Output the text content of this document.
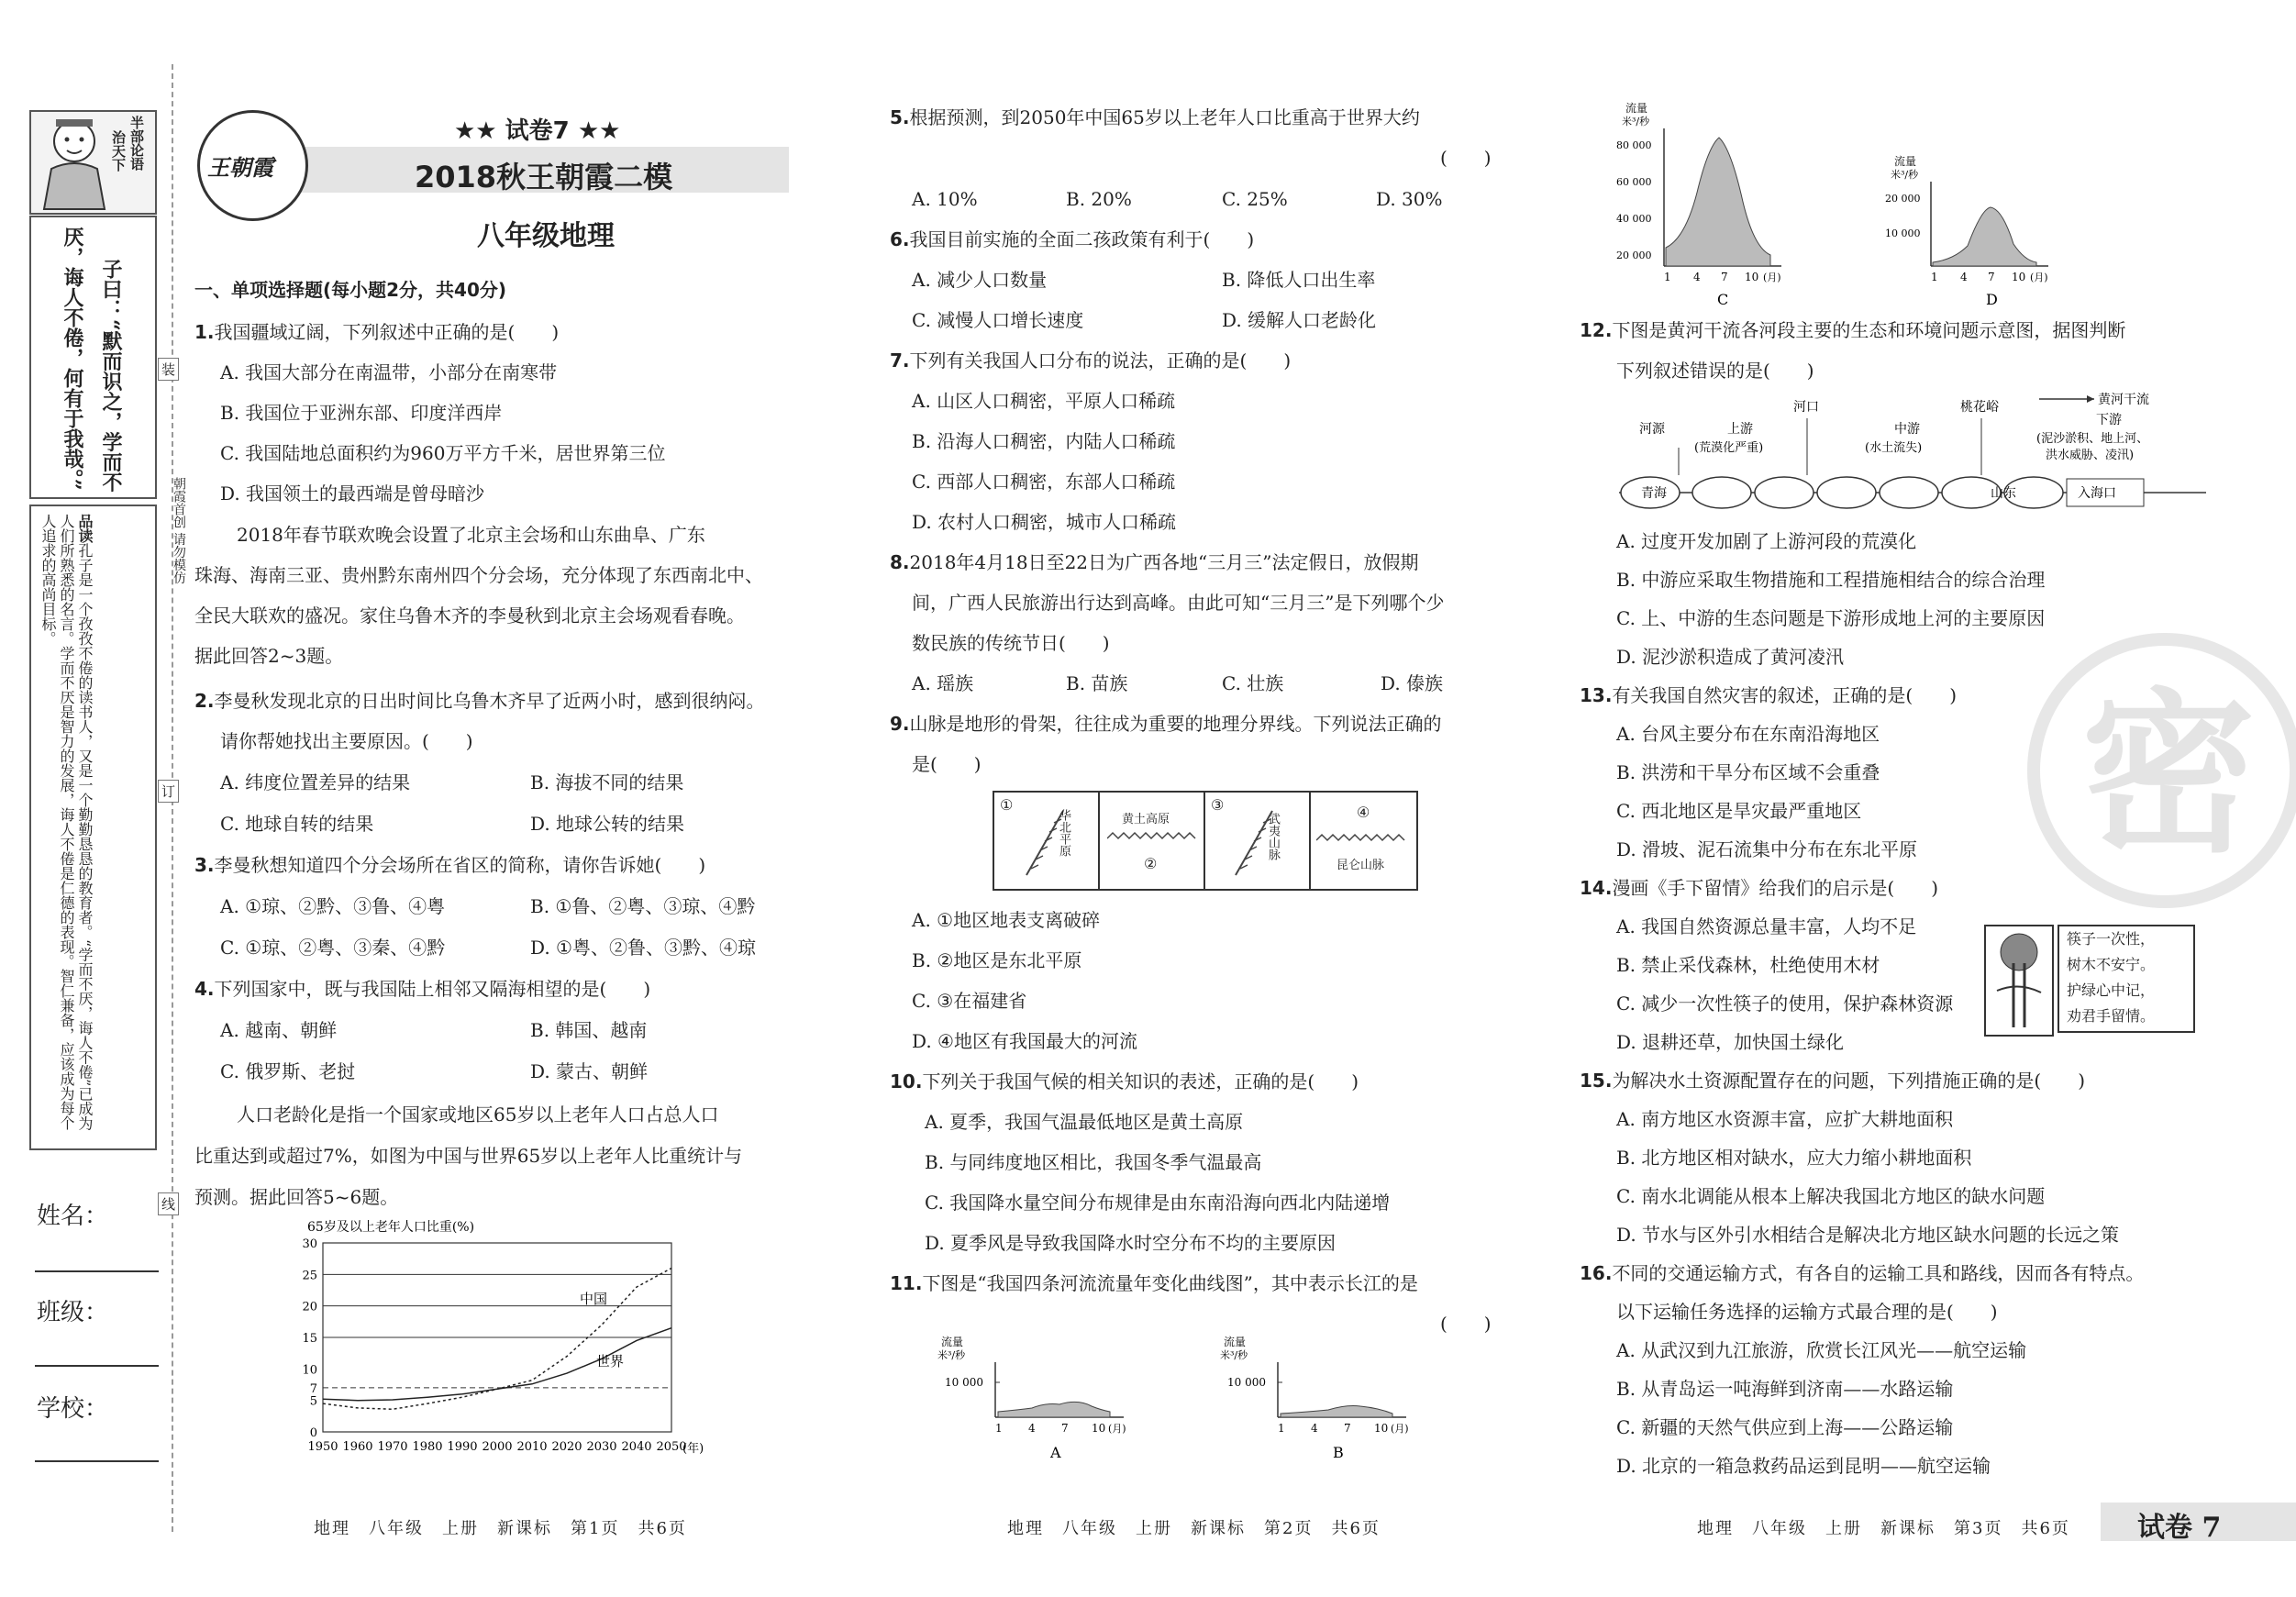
半部论语
治天下
子曰：“默而识之，学而不
厌，诲人不倦，何有于我哉。”
品读孔子是一个孜孜不倦的读书人，又是一个勤勤恳恳的教育者。“学而不厌，诲人不倦”已成为人们所熟悉的名言。学而不厌是智力的发展，诲人不倦是仁德的表现。智仁兼备，应该成为每个人追求的高尚目标。	朝霞首创 请勿模仿
装
订
线
姓名：
班级：
学校：
王朝霞
★★ 试卷7 ★★
2018秋王朝霞二模
八年级地理
一、单项选择题(每小题2分，共40分)
1.我国疆域辽阔，下列叙述中正确的是(　　)
A. 我国大部分在南温带，小部分在南寒带
B. 我国位于亚洲东部、印度洋西岸
C. 我国陆地总面积约为960万平方千米，居世界第三位
D. 我国领土的最西端是曾母暗沙
2018年春节联欢晚会设置了北京主会场和山东曲阜、广东
珠海、海南三亚、贵州黔东南州四个分会场，充分体现了东西南北中、
全民大联欢的盛况。家住乌鲁木齐的李曼秋到北京主会场观看春晚。
据此回答2~3题。
2.李曼秋发现北京的日出时间比乌鲁木齐早了近两小时，感到很纳闷。
请你帮她找出主要原因。(　　)
A. 纬度位置差异的结果	B. 海拔不同的结果
C. 地球自转的结果	D. 地球公转的结果
3.李曼秋想知道四个分会场所在省区的简称，请你告诉她(　　)
A. ①琼、②黔、③鲁、④粤	B. ①鲁、②粤、③琼、④黔
C. ①琼、②粤、③秦、④黔	D. ①粤、②鲁、③黔、④琼
4.下列国家中，既与我国陆上相邻又隔海相望的是(　　)
A. 越南、朝鲜	B. 韩国、越南
C. 俄罗斯、老挝	D. 蒙古、朝鲜
人口老龄化是指一个国家或地区65岁以上老年人口占总人口
比重达到或超过7%，如图为中国与世界65岁以上老年人比重统计与
预测。据此回答5~6题。
65岁及以上老年人口比重(%)
30
25
20
15
10
7
5
0
1950 1960 1970 1980 1990 2000 2010 2020 2030 2040 2050
中国
世界
(年)
地理　八年级　上册　新课标　第1页　共6页
5.根据预测，到2050年中国65岁以上老年人口比重高于世界大约
(　　)
A. 10%	B. 20%	C. 25%	D. 30%
6.我国目前实施的全面二孩政策有利于(　　)
A. 减少人口数量	B. 降低人口出生率
C. 减慢人口增长速度	D. 缓解人口老龄化
7.下列有关我国人口分布的说法，正确的是(　　)
A. 山区人口稠密，平原人口稀疏
B. 沿海人口稠密，内陆人口稀疏
C. 西部人口稠密，东部人口稀疏
D. 农村人口稠密，城市人口稀疏
8.2018年4月18日至22日为广西各地“三月三”法定假日，放假期
间，广西人民旅游出行达到高峰。由此可知“三月三”是下列哪个少
数民族的传统节日(　　)
A. 瑶族	B. 苗族	C. 壮族	D. 傣族
9.山脉是地形的骨架，往往成为重要的地理分界线。下列说法正确的
是(　　)
①
华北平原	黄土高原
②
③
武夷山脉
④
昆仑山脉
A. ①地区地表支离破碎
B. ②地区是东北平原
C. ③在福建省
D. ④地区有我国最大的河流
10.下列关于我国气候的相关知识的表述，正确的是(　　)
A. 夏季，我国气温最低地区是黄土高原
B. 与同纬度地区相比，我国冬季气温最高
C. 我国降水量空间分布规律是由东南沿海向西北内陆递增
D. 夏季风是导致我国降水时空分布不均的主要原因
11.下图是“我国四条河流流量年变化曲线图”，其中表示长江的是
(　　)
流量
米³/秒
10 000
1 4 7 10 (月)
A
流量
米³/秒
10 000
1 4 7 10 (月)
B
地理　八年级　上册　新课标　第2页　共6页
流量
米³/秒
80 000
60 000
40 000
20 000
1 4 7 10 (月)
C
流量
米³/秒
20 000
10 000
1 4 7 10 (月)
D
12.下图是黄河干流各河段主要的生态和环境问题示意图，据图判断
下列叙述错误的是(　　)
黄河干流
河源	上游
(荒漠化严重)
河口
中游
(水土流失)
桃花峪
下游
(泥沙淤积、地上河、
洪水威胁、凌汛)
青海	山东	入海口
A. 过度开发加剧了上游河段的荒漠化
B. 中游应采取生物措施和工程措施相结合的综合治理
C. 上、中游的生态问题是下游形成地上河的主要原因
D. 泥沙淤积造成了黄河凌汛
密
13.有关我国自然灾害的叙述，正确的是(　　)
A. 台风主要分布在东南沿海地区
B. 洪涝和干旱分布区域不会重叠
C. 西北地区是旱灾最严重地区
D. 滑坡、泥石流集中分布在东北平原
14.漫画《手下留情》给我们的启示是(　　)
A. 我国自然资源总量丰富，人均不足
B. 禁止采伐森林，杜绝使用木材
C. 减少一次性筷子的使用，保护森林资源
D. 退耕还草，加快国土绿化
筷子一次性，
树木不安宁。
护绿心中记，
劝君手留情。
15.为解决水土资源配置存在的问题，下列措施正确的是(　　)
A. 南方地区水资源丰富，应扩大耕地面积
B. 北方地区相对缺水，应大力缩小耕地面积
C. 南水北调能从根本上解决我国北方地区的缺水问题
D. 节水与区外引水相结合是解决北方地区缺水问题的长远之策
16.不同的交通运输方式，有各自的运输工具和路线，因而各有特点。
以下运输任务选择的运输方式最合理的是(　　)
A. 从武汉到九江旅游，欣赏长江风光——航空运输
B. 从青岛运一吨海鲜到济南——水路运输
C. 新疆的天然气供应到上海——公路运输
D. 北京的一箱急救药品运到昆明——航空运输
地理　八年级　上册　新课标　第3页　共6页 试卷 7
